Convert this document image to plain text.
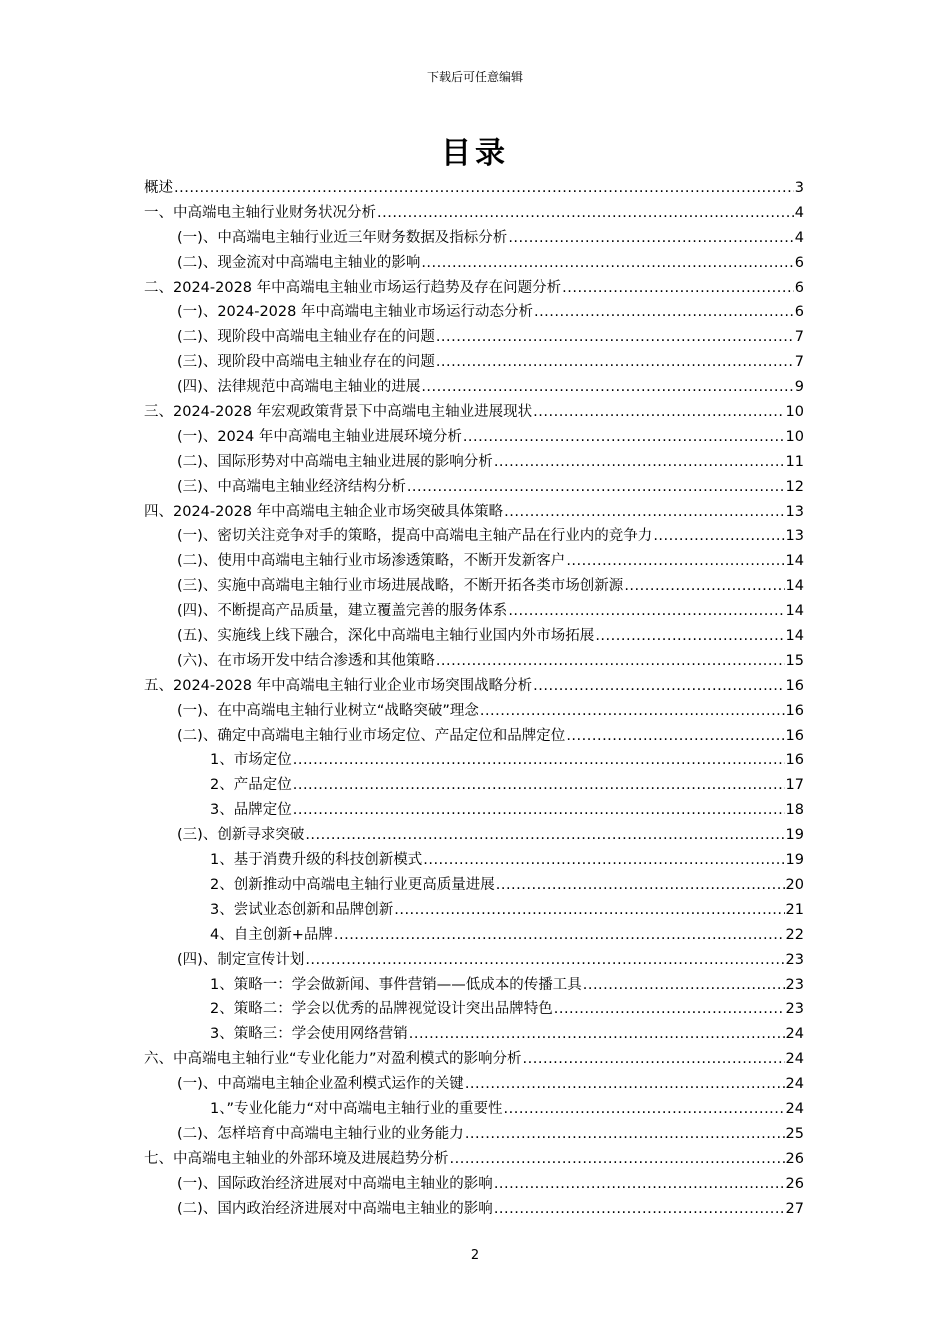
下载后可任意编辑
目录
概述 .....	3
一、中高端电主轴行业财务状况分析 .....	4
(一)、中高端电主轴行业近三年财务数据及指标分析 .....	4
(二)、现金流对中高端电主轴业的影响 .....	6
二、2024-2028 年中高端电主轴业市场运行趋势及存在问题分析 .....	6
(一)、2024-2028 年中高端电主轴业市场运行动态分析 .....	6
(二)、现阶段中高端电主轴业存在的问题 .....	7
(三)、现阶段中高端电主轴业存在的问题 .....	7
(四)、法律规范中高端电主轴业的进展 .....	9
三、2024-2028 年宏观政策背景下中高端电主轴业进展现状 .....	10
(一)、2024 年中高端电主轴业进展环境分析 .....	10
(二)、国际形势对中高端电主轴业进展的影响分析 .....	11
(三)、中高端电主轴业经济结构分析 .....	12
四、2024-2028 年中高端电主轴企业市场突破具体策略 .....	13
(一)、密切关注竞争对手的策略，提高中高端电主轴产品在行业内的竞争力 .....	13
(二)、使用中高端电主轴行业市场渗透策略，不断开发新客户 .....	14
(三)、实施中高端电主轴行业市场进展战略，不断开拓各类市场创新源 .....	14
(四)、不断提高产品质量，建立覆盖完善的服务体系 .....	14
(五)、实施线上线下融合，深化中高端电主轴行业国内外市场拓展 .....	14
(六)、在市场开发中结合渗透和其他策略 .....	15
五、2024-2028 年中高端电主轴行业企业市场突围战略分析 .....	16
(一)、在中高端电主轴行业树立“战略突破”理念 .....	16
(二)、确定中高端电主轴行业市场定位、产品定位和品牌定位 .....	16
1、市场定位 .....	16
2、产品定位 .....	17
3、品牌定位 .....	18
(三)、创新寻求突破 .....	19
1、基于消费升级的科技创新模式 .....	19
2、创新推动中高端电主轴行业更高质量进展 .....	20
3、尝试业态创新和品牌创新 .....	21
4、自主创新+品牌 .....	22
(四)、制定宣传计划 .....	23
1、策略一：学会做新闻、事件营销——低成本的传播工具 .....	23
2、策略二：学会以优秀的品牌视觉设计突出品牌特色 .....	23
3、策略三：学会使用网络营销 .....	24
六、中高端电主轴行业“专业化能力”对盈利模式的影响分析 .....	24
(一)、中高端电主轴企业盈利模式运作的关键 .....	24
1、”专业化能力“对中高端电主轴行业的重要性 .....	24
(二)、怎样培育中高端电主轴行业的业务能力 .....	25
七、中高端电主轴业的外部环境及进展趋势分析 .....	26
(一)、国际政治经济进展对中高端电主轴业的影响 .....	26
(二)、国内政治经济进展对中高端电主轴业的影响 .....	27
2
